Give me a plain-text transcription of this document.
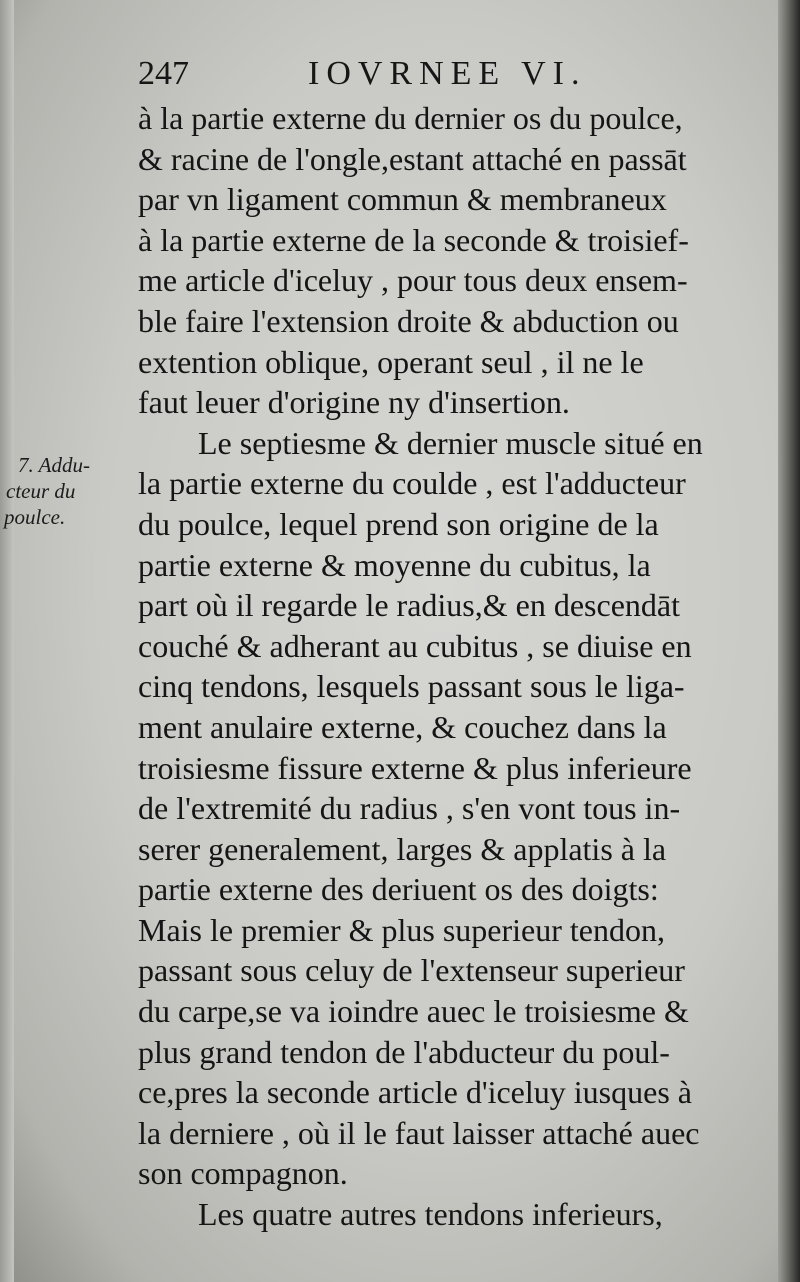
247	IOVRNEE VI.
7. Addu-
cteur du
poulce.
à la partie externe du dernier os du poulce,
& racine de l'ongle,estant attaché en passāt
par vn ligament commun & membraneux
à la partie externe de la seconde & troisief-
me article d'iceluy , pour tous deux ensem-
ble faire l'extension droite & abduction ou
extention oblique, operant seul , il ne le
faut leuer d'origine ny d'insertion.
Le septiesme & dernier muscle situé en
la partie externe du coulde , est l'adducteur
du poulce, lequel prend son origine de la
partie externe & moyenne du cubitus, la
part où il regarde le radius,& en descendāt
couché & adherant au cubitus , se diuise en
cinq tendons, lesquels passant sous le liga-
ment anulaire externe, & couchez dans la
troisiesme fissure externe & plus inferieure
de l'extremité du radius , s'en vont tous in-
serer generalement, larges & applatis à la
partie externe des deriuent os des doigts:
Mais le premier & plus superieur tendon,
passant sous celuy de l'extenseur superieur
du carpe,se va ioindre auec le troisiesme &
plus grand tendon de l'abducteur du poul-
ce,pres la seconde article d'iceluy iusques à
la derniere , où il le faut laisser attaché auec
son compagnon.
Les quatre autres tendons inferieurs,
